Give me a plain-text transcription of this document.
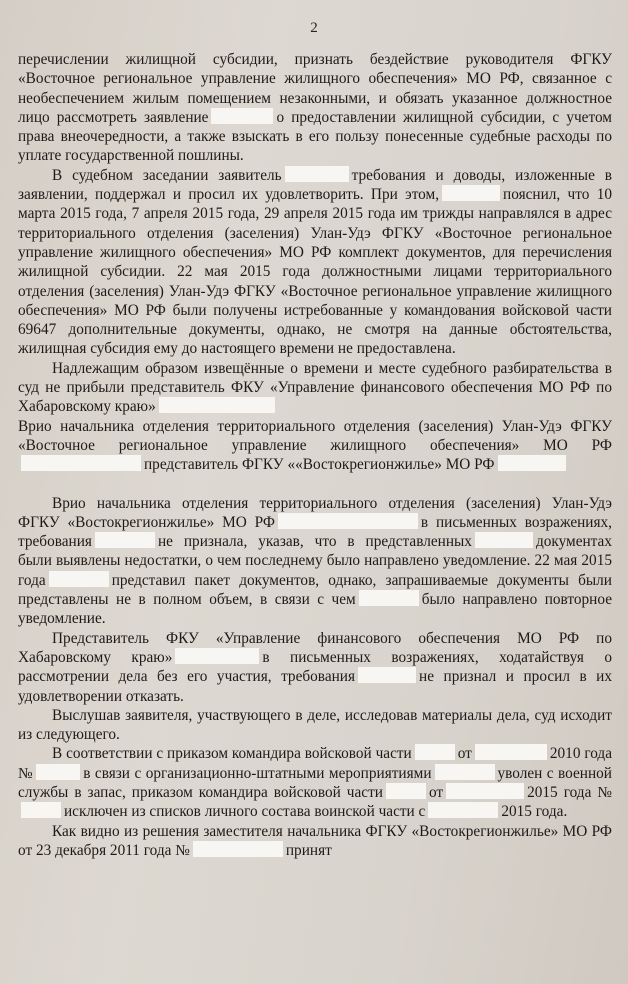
2

перечислении жилищной субсидии, признать бездействие руководителя ФГКУ «Восточное региональное управление жилищного обеспечения» МО РФ, связанное с необеспечением жилым помещением незаконными, и обязать указанное должностное лицо рассмотреть заявление	о предоставлении жилищной субсидии, с учетом права внеочередности, а также взыскать в его пользу понесенные судебные расходы по уплате государственной пошлины.

В судебном заседании заявитель	требования и доводы, изложенные в заявлении, поддержал и просил их удовлетворить. При этом,	пояснил, что 10 марта 2015 года, 7 апреля 2015 года, 29 апреля 2015 года им трижды направлялся в адрес территориального отделения (заселения) Улан-Удэ ФГКУ «Восточное региональное управление жилищного обеспечения» МО РФ комплект документов, для перечисления жилищной субсидии. 22 мая 2015 года должностными лицами территориального отделения (заселения) Улан-Удэ ФГКУ «Восточное региональное управление жилищного обеспечения» МО РФ были получены истребованные у командования войсковой части 69647 дополнительные документы, однако, не смотря на данные обстоятельства, жилищная субсидия ему до настоящего времени не предоставлена.

Надлежащим образом извещённые о времени и месте судебного разбирательства в суд не прибыли представитель ФКУ «Управление финансового обеспечения МО РФ по Хабаровскому краю»
Врио начальника отделения территориального отделения (заселения) Улан-Удэ ФГКУ «Восточное региональное управление жилищного обеспечения» МО РФпредставитель ФГКУ ««Востокрегионжилье» МО РФ

Врио начальника отделения территориального отделения (заселения) Улан-Удэ ФГКУ «Востокрегионжилье» МО РФ	в письменных возражениях, требования	не признала, указав, что в представленных	документах были выявлены недостатки, о чем последнему было направлено уведомление. 22 мая 2015 года	представил пакет документов, однако, запрашиваемые документы были представлены не в полном объем, в связи с чем	было направлено повторное уведомление.

Представитель ФКУ «Управление финансового обеспечения МО РФ по Хабаровскому краю»	в письменных возражениях, ходатайствуя о рассмотрении дела без его участия, требования	не признал и просил в их удовлетворении отказать.

Выслушав заявителя, участвующего в деле, исследовав материалы дела, суд исходит из следующего.

В соответствии с приказом командира войсковой части	от	2010 года №	в связи с организационно-штатными мероприятиями	уволен с военной службы в запас, приказом командира войсковой части	от	2015 года №исключен из списков личного состава воинской части с	2015 года.

Как видно из решения заместителя начальника ФГКУ «Востокрегионжилье» МО РФ от 23 декабря 2011 года №	принят
